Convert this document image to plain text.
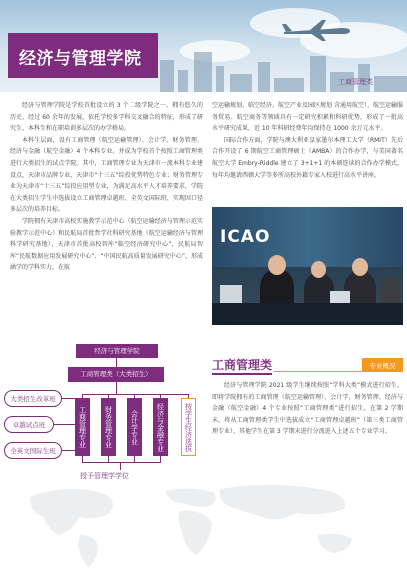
经济与管理学院
工商管理类

经济与管理学院是学校首批设立的 3 个二级学院之一，拥有悠久的历史，经过 60 余年的发展，依托学校多学科交叉融合的特征，形成了研究生、本科生和在职培训多层次的办学格局。

本科生层面，设有工商管理（航空运输管理）、会计学、财务管理、经济与金融（航空金融）4 个本科专业。并成为学校首个按照工商管理类进行大类招生的试点学院。其中，工商管理专业为天津市一流本科专业建设点，天津市品牌专业，天津市“十三五”综投优势特色专业；财务管理专业为天津市“十三五”综投应用型专业，为满足高水平人才培养要求，学院在大类招生学生中选拔设立工商管理卓越班、全英文国际班，实现因口径多层次的培养目标。

学院拥有天津市高校实施教学示范中心（航空运输经济与管理示范实验教学示范中心）和民航局首批哲学社科研究基地（航空运输经济与管理科学研究基地），天津市首批高校智库“临空经济研究中心”，民航局智库“民航数据应用发展研究中心”、“中国民航高质量发展研究中心”，形成涵学的学科实力，在航

空运输规划、临空经济、航空产业及园区规划 含通用航空）、航空运输服务贸易、航空商务等领域具有一定研究积累和科研优势，形成了一批高水平研究成果，近 10 年科研经费年均保持在 1000 余万元水平。

国际合作方面，学院与澳大利亚皇家墨尔本理工大学（RMIT）先后合作开设了 6 期航空工商管理硕士（AMBA）的合作办学，与美国著名航空大学 Embry-Riddle 建立了 3+1+1 的本硕连读的合作办学模式，每年均邀请西顿大学等多所高校外籍专家入校进行高水平讲座。

ICAO
经济与管理学院
工商管理类（大类招生）
工商管理专业	财务管理专业	会计学专业	经济与金融专业	按学生经济选拔
授予管理学学位
大类招生改革班
卓越试点班
全英文国际生班
工商管理类	专业概况

经济与管理学院 2021 级学生继续按照“学科大类”模式进行招生，即将学院拥有的工商管理（航空运输管理）、会计学、财务管理、经济与金融（航空金融）4 个专业按照“工商管理类”进行招生。在第 2 学期末，将从工商管理类学生中选拔成立“工商管理卓越班”（第三类工商管理专业），其他学生在第 3 学期末进行分流进入上述五个专业学习。
